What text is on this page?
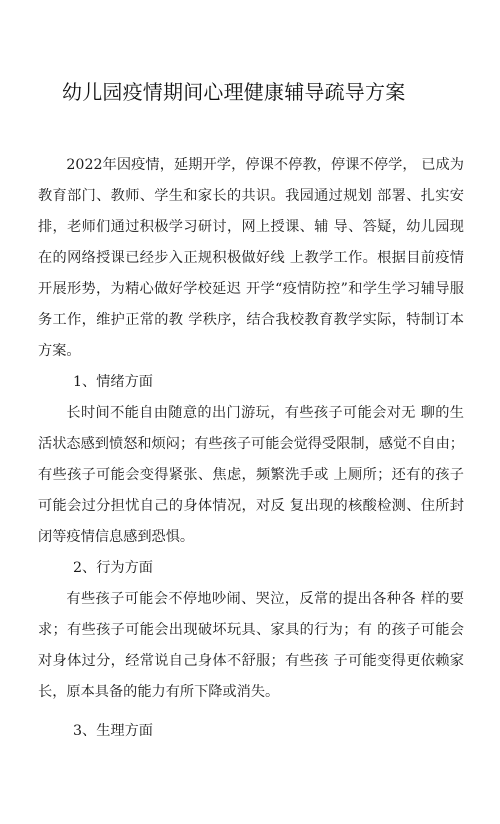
幼儿园疫情期间心理健康辅导疏导方案

2022年因疫情，延期开学，停课不停教，停课不停学， 已成为教育部门、教师、学生和家长的共识。我园通过规划 部署、扎实安排，老师们通过积极学习研讨，网上授课、辅 导、答疑，幼儿园现在的网络授课已经步入正规积极做好线 上教学工作。根据目前疫情开展形势，为精心做好学校延迟 开学“疫情防控”和学生学习辅导服务工作，维护正常的教 学秩序，结合我校教育教学实际，特制订本方案。

1、情绪方面

长时间不能自由随意的出门游玩，有些孩子可能会对无 聊的生活状态感到愤怒和烦闷；有些孩子可能会觉得受限制，感觉不自由；有些孩子可能会变得紧张、焦虑，频繁洗手或 上厕所；还有的孩子可能会过分担忧自己的身体情况，对反 复出现的核酸检测、住所封闭等疫情信息感到恐惧。

2、行为方面

有些孩子可能会不停地吵闹、哭泣，反常的提出各种各 样的要求；有些孩子可能会出现破坏玩具、家具的行为；有 的孩子可能会对身体过分，经常说自己身体不舒服；有些孩 子可能变得更依赖家长，原本具备的能力有所下降或消失。

3、生理方面
